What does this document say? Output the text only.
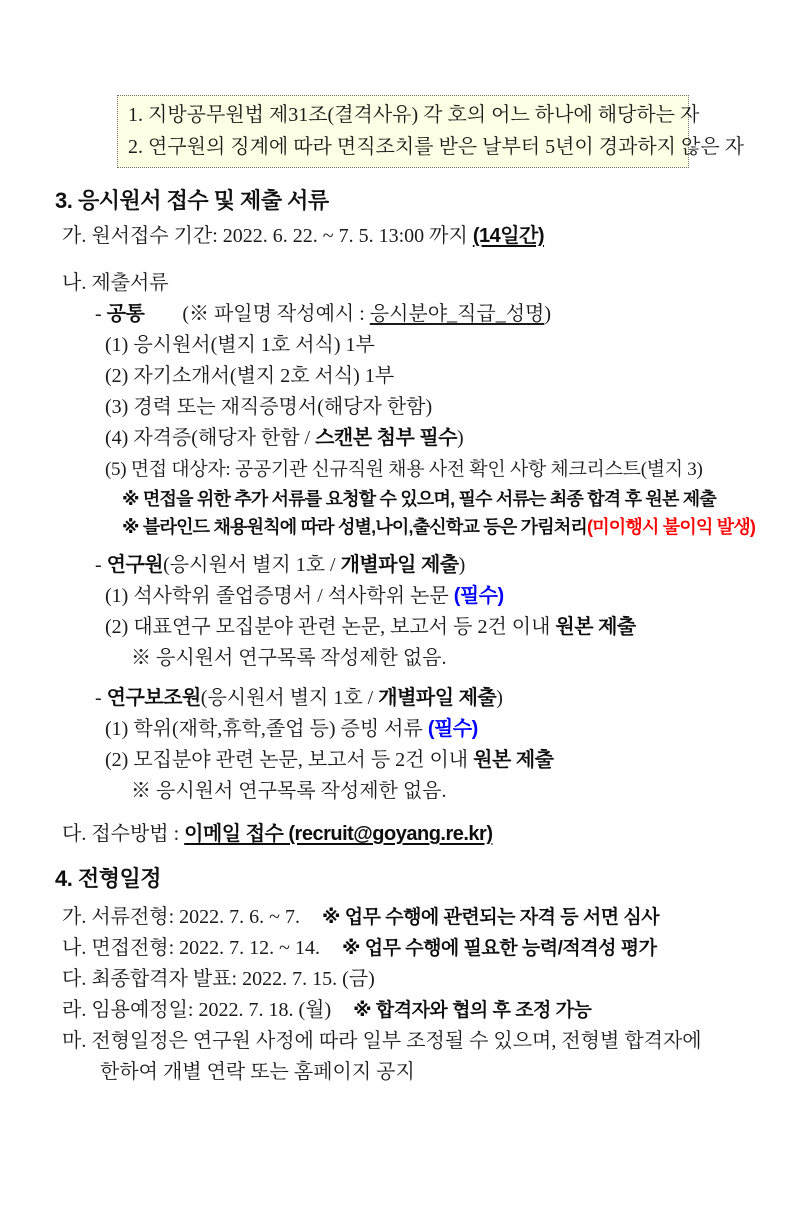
1. 지방공무원법 제31조(결격사유) 각 호의 어느 하나에 해당하는 자
2. 연구원의 징계에 따라 면직조치를 받은 날부터 5년이 경과하지 않은 자
3. 응시원서 접수 및 제출 서류
가. 원서접수 기간: 2022. 6. 22. ~ 7. 5. 13:00 까지 (14일간)
나. 제출서류
- 공통 (※ 파일명 작성예시 : 응시분야_직급_성명)
(1) 응시원서(별지 1호 서식) 1부
(2) 자기소개서(별지 2호 서식) 1부
(3) 경력 또는 재직증명서(해당자 한함)
(4) 자격증(해당자 한함 / 스캔본 첨부 필수)
(5) 면접 대상자: 공공기관 신규직원 채용 사전 확인 사항 체크리스트(별지 3)
※ 면접을 위한 추가 서류를 요청할 수 있으며, 필수 서류는 최종 합격 후 원본 제출
※ 블라인드 채용원칙에 따라 성별,나이,출신학교 등은 가림처리(미이행시 불이익 발생)
- 연구원(응시원서 별지 1호 / 개별파일 제출)
(1) 석사학위 졸업증명서 / 석사학위 논문 (필수)
(2) 대표연구 모집분야 관련 논문, 보고서 등 2건 이내 원본 제출
※ 응시원서 연구목록 작성제한 없음.
- 연구보조원(응시원서 별지 1호 / 개별파일 제출)
(1) 학위(재학,휴학,졸업 등) 증빙 서류 (필수)
(2) 모집분야 관련 논문, 보고서 등 2건 이내 원본 제출
※ 응시원서 연구목록 작성제한 없음.
다. 접수방법 : 이메일 접수 (recruit@goyang.re.kr)
4. 전형일정
가. 서류전형: 2022. 7. 6. ~ 7. ※ 업무 수행에 관련되는 자격 등 서면 심사
나. 면접전형: 2022. 7. 12. ~ 14. ※ 업무 수행에 필요한 능력/적격성 평가
다. 최종합격자 발표: 2022. 7. 15. (금)
라. 임용예정일: 2022. 7. 18. (월) ※ 합격자와 협의 후 조정 가능
마. 전형일정은 연구원 사정에 따라 일부 조정될 수 있으며, 전형별 합격자에
한하여 개별 연락 또는 홈페이지 공지
